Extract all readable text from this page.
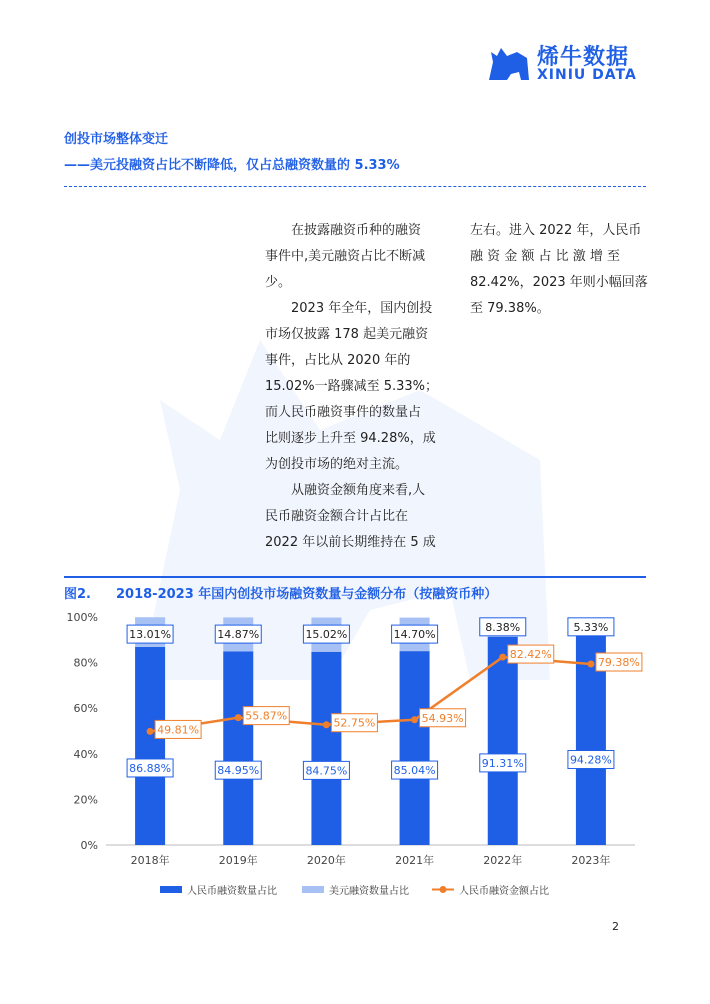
烯牛数据
XINIU DATA
创投市场整体变迁
——美元投融资占比不断降低，仅占总融资数量的 5.33%

在披露融资币种的融资

事件中,美元融资占比不断减

少。

2023 年全年，国内创投

市场仅披露 178 起美元融资

事件，占比从 2020 年的

15.02%一路骤减至 5.33%；

而人民币融资事件的数量占

比则逐步上升至 94.28%，成

为创投市场的绝对主流。

从融资金额角度来看,人

民币融资金额合计占比在

2022 年以前长期维持在 5 成

左右。进入 2022 年，人民币

融 资 金 额 占 比 激 增 至

82.42%，2023 年则小幅回落

至 79.38%。

图2. 2018-2023 年国内创投市场融资数量与金额分布（按融资币种）
0%
20%
40%
60%
80%
100%
2018年	2019年	2020年	2021年	2022年	2023年
86.88%
13.01%
84.95%
14.87%
84.75%
15.02%
85.04%
14.70%
91.31%
8.38%
94.28%
5.33%
49.81%
55.87%
52.75%	54.93%
82.42%
79.38%
人民币融资数量占比	美元融资数量占比	人民币融资金额占比
2
